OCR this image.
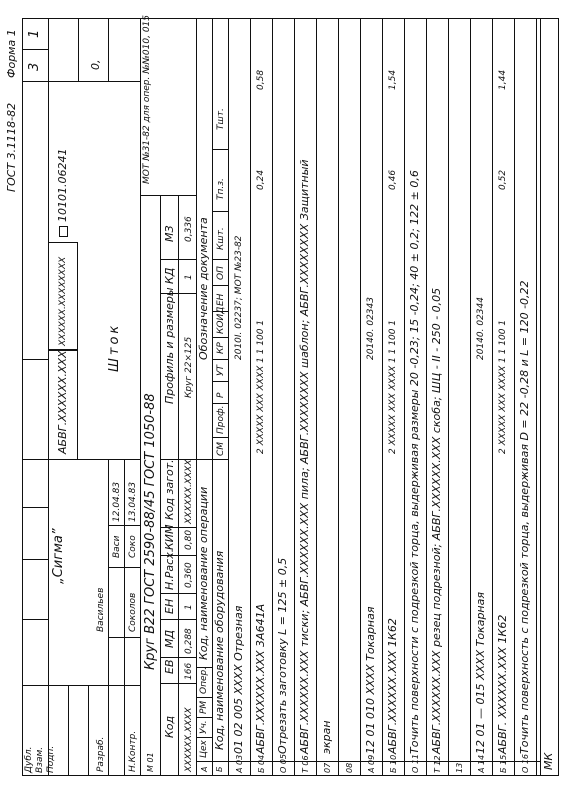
ГОСТ 3.1118-82
Форма 1
Дубл. Взам. Подп.
3
1
АБВГ.XXXXXX.XXX
XXXXXX.XXXXXXXX
10101.06241
0,
„Сигма”
Шток
Разраб.
Васильев
Васи
12.04.83
Н.Контр.
Соколов
Соко
13.04.83
М 01
Круг В22 ГОСТ 2590-88/45 ГОСТ 1050-88
МОТ №31-82 для опер. №№010, 015
Код
ЕВ
МД
ЕН
Н.Расх.
КИМ
Код загот.
Профиль и размеры
КД
МЗ
XXXXXX.XXXX
166
0,288
1
0,360
0,80
XXXXXX.XXXX
Круг 22×125
1
0,336
А Б
Цех
Уч.
РМ
Опер.
Код, наименование операции
Обозначение документа
Код, наименование оборудования
СМ
Проф.
Р
УТ
КР
КОИД
ЕН
ОП
Кшт.
Тп.з.
Тшт.
МК
А 03
01 02 005 XXXX Отрезная
2010I. 02237; МОТ №23-82
Б 04
АБВГ.XXXXXX.XXX 3А641А
2 XXXXX XXX XXXX 1 1 100 1
0,24
0,58
О 05
Отрезать заготовку L = 125 ± 0,5
Т 06
АБВГ.XXXXXX.XXX тиски; АБВГ.XXXXXX.XXX пила; АБВГ.XXXXXXXX шаблон; АБВГ.XXXXXXXX Защитный
07
экран
08 А 09
12 01 010 XXXX Токарная
20140. 02343
Б 10
АБВГ.XXXXXX.XXX 1К62
2 XXXXX XXX XXXX 1 1 100 1
0,46
1,54
О 11
Точить поверхности с подрезкой торца, выдерживая размеры 20 -0,23; 15 -0,24; 40 ± 0,2; 122 ± 0,6
Т 12
АБВГ.XXXXXX.XXX резец подрезной; АБВГ.XXXXXX.XXX скоба; ШЦ - II - 250 - 0,05
13 А 14
12 01 — 015 XXXX Токарная
20140. 02344
Б 15
АБВГ. XXXXXX.XXX 1К62
2 XXXXX XXX XXXX 1 1 100 1
0,52
1,44
О 16
Точить поверхность с подрезкой торца, выдерживая D = 22 -0,28 и L = 120 -0,22
